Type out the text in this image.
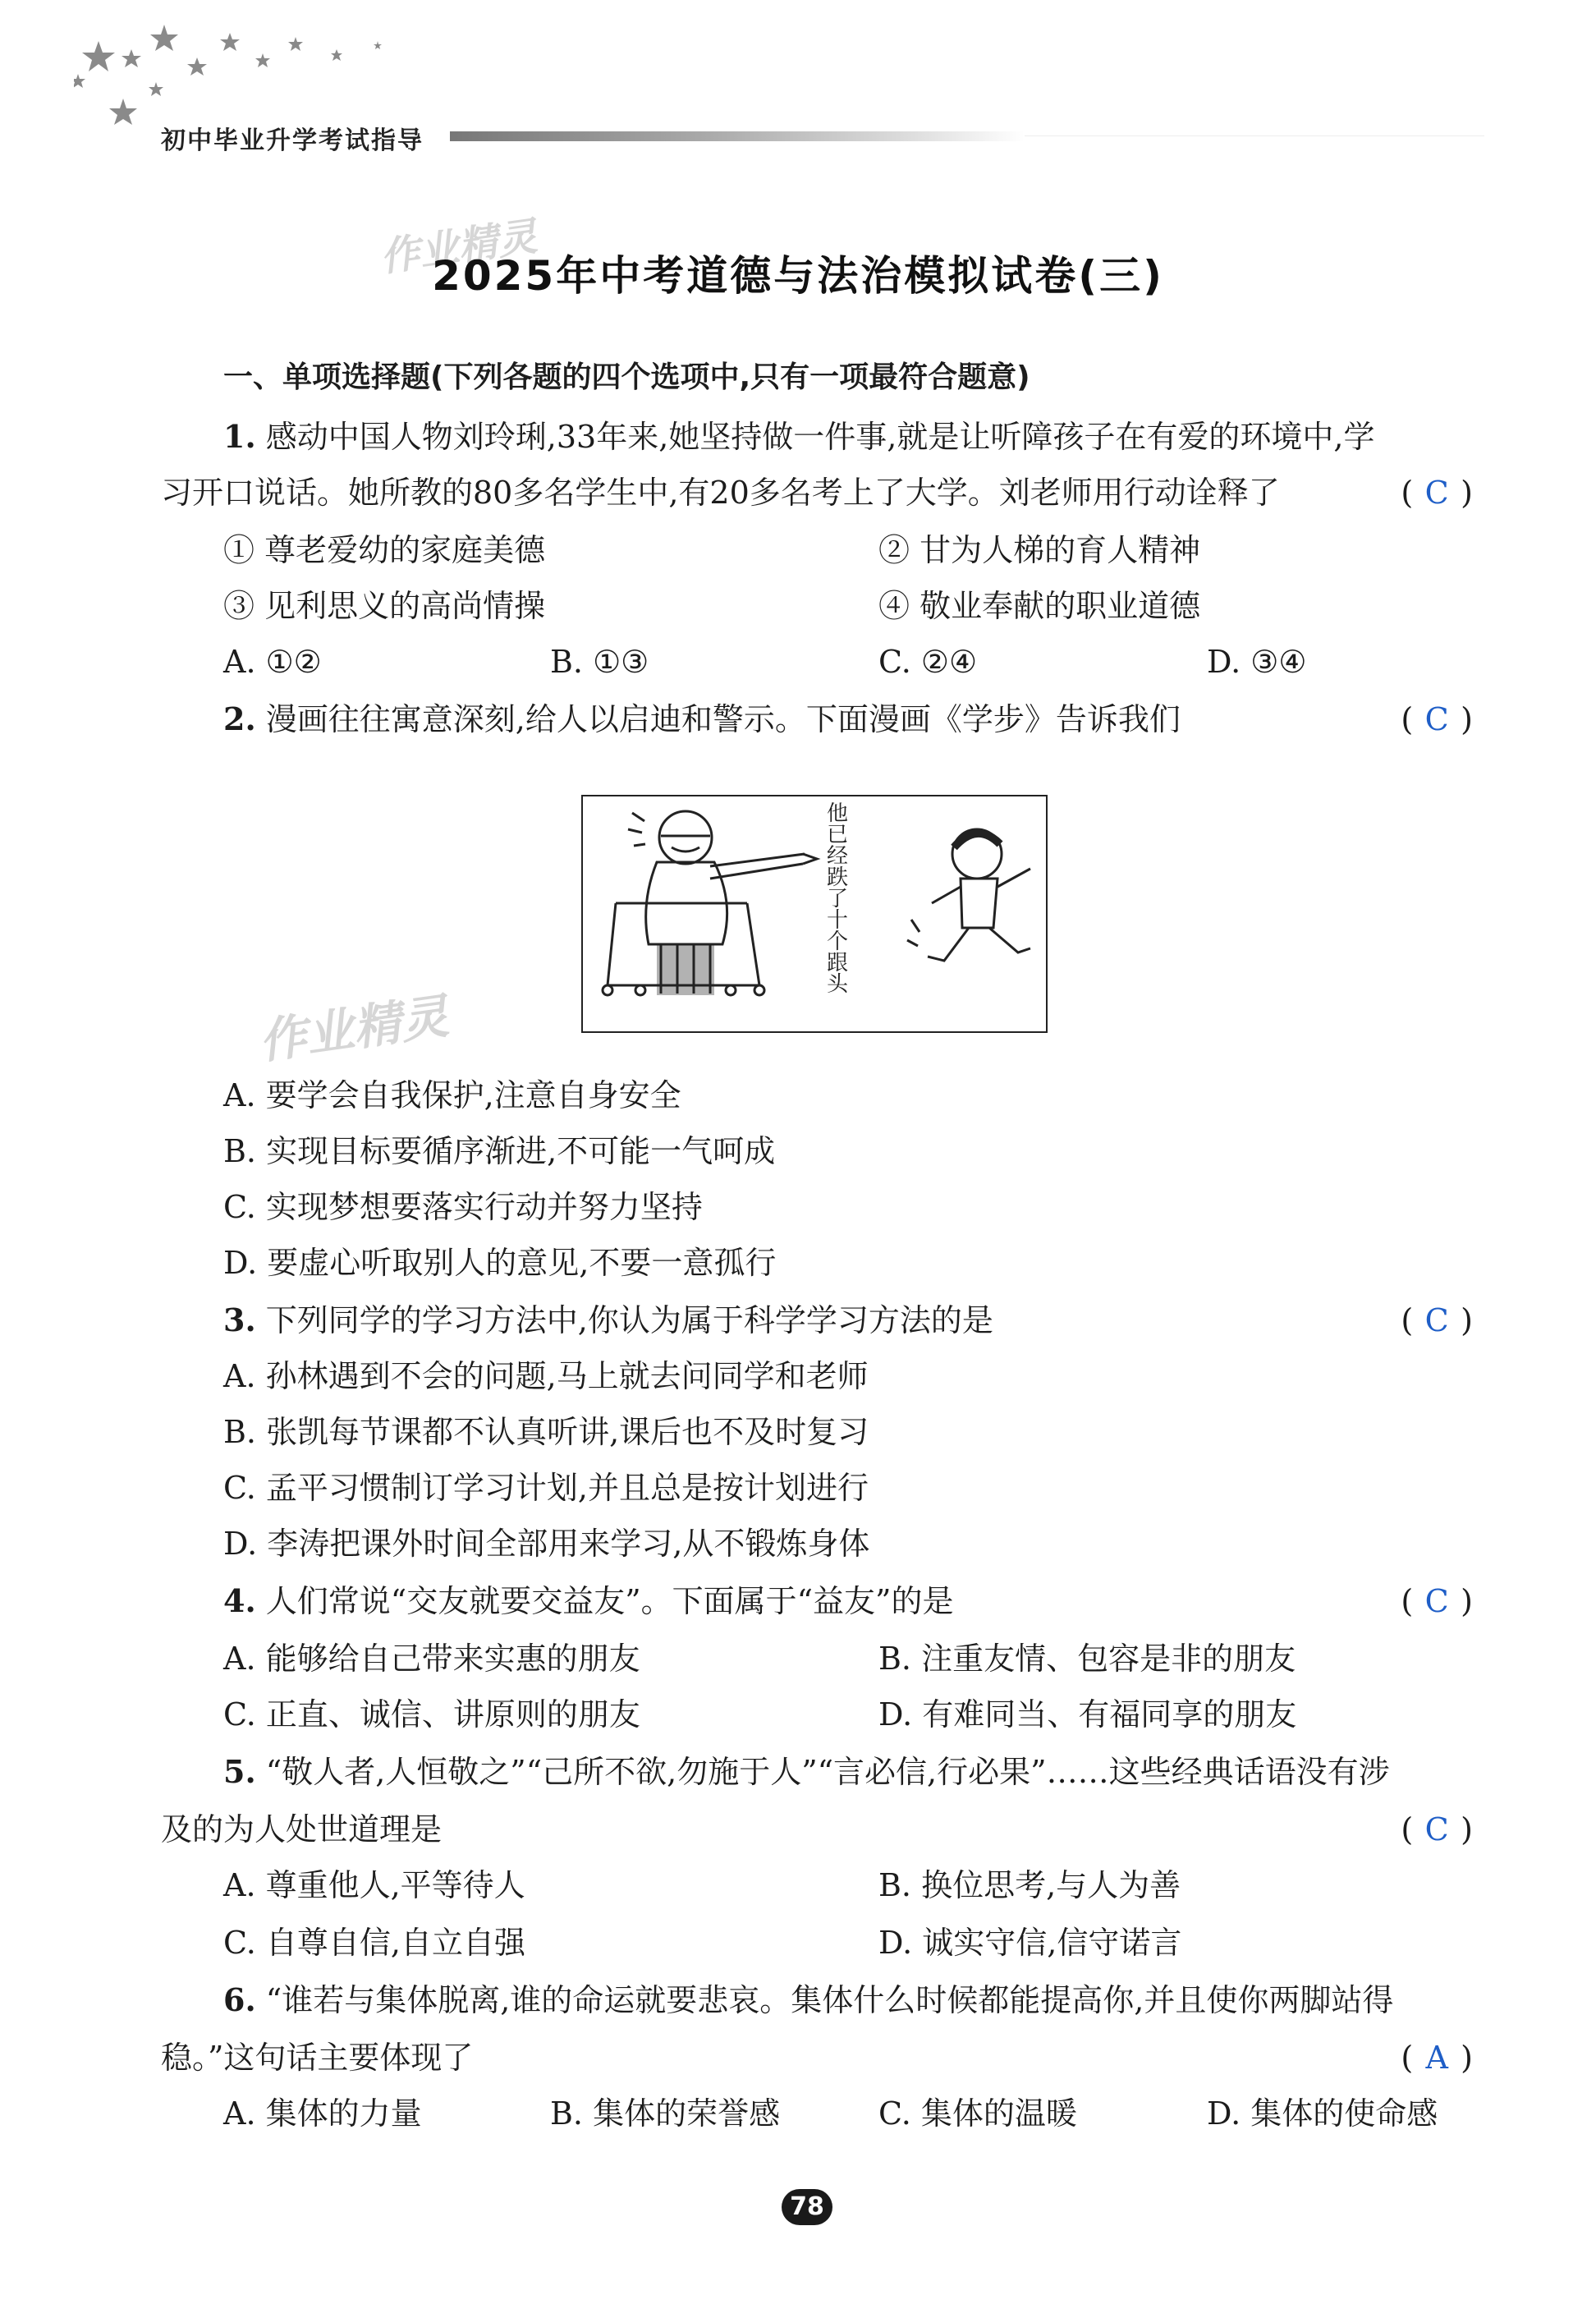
初中毕业升学考试指导
作业精灵
作业精灵
2025年中考道德与法治模拟试卷(三)
一、单项选择题(下列各题的四个选项中,只有一项最符合题意)
1. 感动中国人物刘玲琍,33年来,她坚持做一件事,就是让听障孩子在有爱的环境中,学
习开口说话。她所教的80多名学生中,有20多名考上了大学。刘老师用行动诠释了	( C )
① 尊老爱幼的家庭美德	② 甘为人梯的育人精神
③ 见利思义的高尚情操	④ 敬业奉献的职业道德
A. ①②	B. ①③	C. ②④	D. ③④
2. 漫画往往寓意深刻,给人以启迪和警示。下面漫画《学步》告诉我们	( C )
他
已
经
跌
了
十
个
跟
头
A. 要学会自我保护,注意自身安全
B. 实现目标要循序渐进,不可能一气呵成
C. 实现梦想要落实行动并努力坚持
D. 要虚心听取别人的意见,不要一意孤行
3. 下列同学的学习方法中,你认为属于科学学习方法的是	( C )
A. 孙林遇到不会的问题,马上就去问同学和老师
B. 张凯每节课都不认真听讲,课后也不及时复习
C. 孟平习惯制订学习计划,并且总是按计划进行
D. 李涛把课外时间全部用来学习,从不锻炼身体
4. 人们常说“交友就要交益友”。下面属于“益友”的是	( C )
A. 能够给自己带来实惠的朋友	B. 注重友情、包容是非的朋友
C. 正直、诚信、讲原则的朋友	D. 有难同当、有福同享的朋友
5. “敬人者,人恒敬之”“己所不欲,勿施于人”“言必信,行必果”……这些经典话语没有涉
及的为人处世道理是	( C )
A. 尊重他人,平等待人	B. 换位思考,与人为善
C. 自尊自信,自立自强	D. 诚实守信,信守诺言
6. “谁若与集体脱离,谁的命运就要悲哀。集体什么时候都能提高你,并且使你两脚站得
稳。”这句话主要体现了	( A )
A. 集体的力量	B. 集体的荣誉感	C. 集体的温暖	D. 集体的使命感
78
